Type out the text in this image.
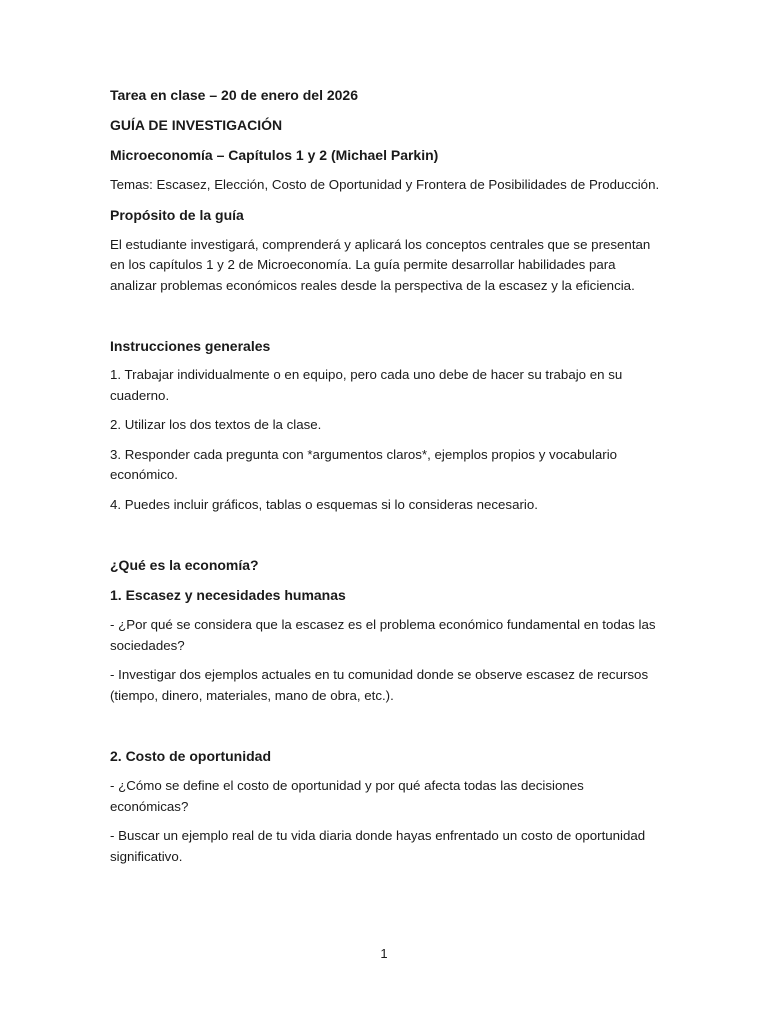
Tarea en clase – 20 de enero del 2026

GUÍA DE INVESTIGACIÓN

Microeconomía – Capítulos 1 y 2 (Michael Parkin)

Temas: Escasez, Elección, Costo de Oportunidad y Frontera de Posibilidades de Producción.

Propósito de la guía

El estudiante investigará, comprenderá y aplicará los conceptos centrales que se presentan en los capítulos 1 y 2 de Microeconomía. La guía permite desarrollar habilidades para analizar problemas económicos reales desde la perspectiva de la escasez y la eficiencia.

Instrucciones generales

1. Trabajar individualmente o en equipo, pero cada uno debe de hacer su trabajo en su cuaderno.

2. Utilizar los dos textos de la clase.

3. Responder cada pregunta con *argumentos claros*, ejemplos propios y vocabulario económico.

4. Puedes incluir gráficos, tablas o esquemas si lo consideras necesario.

¿Qué es la economía?

1. Escasez y necesidades humanas

- ¿Por qué se considera que la escasez es el problema económico fundamental en todas las sociedades?

- Investigar dos ejemplos actuales en tu comunidad donde se observe escasez de recursos (tiempo, dinero, materiales, mano de obra, etc.).

2. Costo de oportunidad

- ¿Cómo se define el costo de oportunidad y por qué afecta todas las decisiones económicas?

- Buscar un ejemplo real de tu vida diaria donde hayas enfrentado un costo de oportunidad significativo.

1
